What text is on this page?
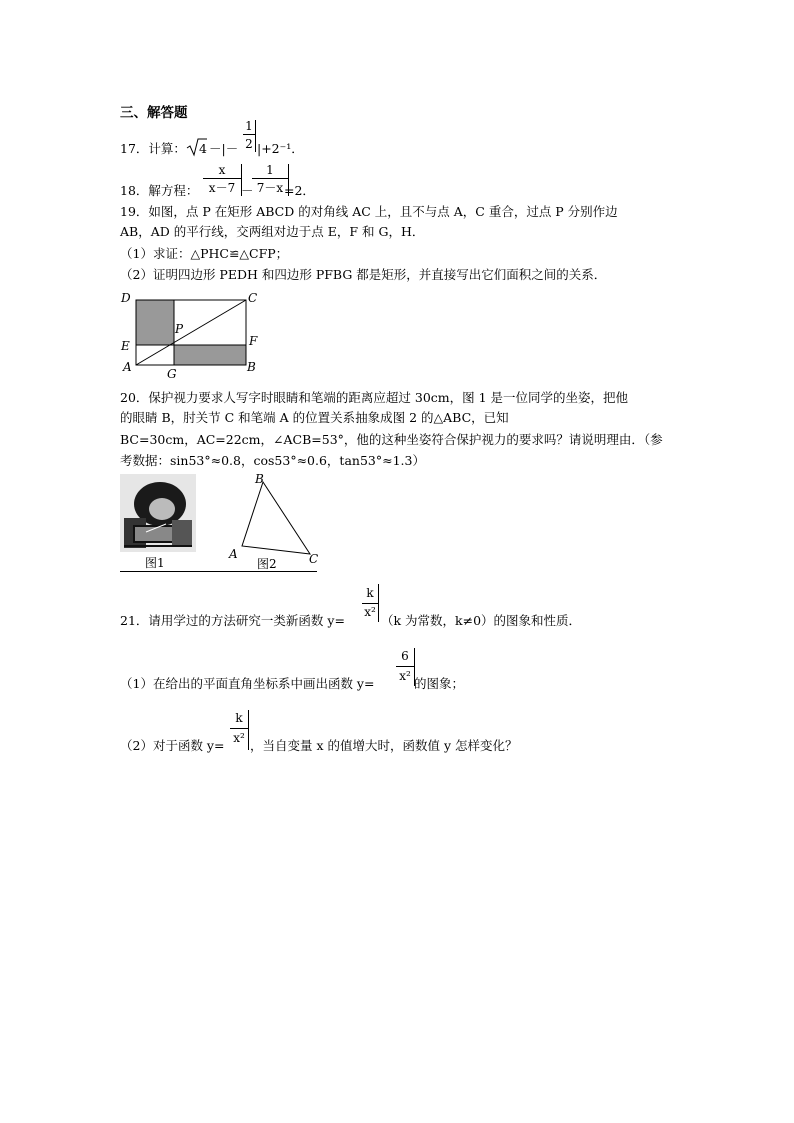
三、解答题
17．计算： 4 －|－
1
2 |+2⁻¹．
18．解方程：
x
x－7 －
1
7－x =2．
19．如图，点 P 在矩形 ABCD 的对角线 AC 上，且不与点 A，C 重合，过点 P 分别作边
AB，AD 的平行线，交两组对边于点 E，F 和 G，H．
（1）求证：△PHC≌△CFP；
（2）证明四边形 PEDH 和四边形 PFBG 都是矩形，并直接写出它们面积之间的关系．
D	C
P
E	F
A	G	B
20．保护视力要求人写字时眼睛和笔端的距离应超过 30cm，图 1 是一位同学的坐姿，把他
的眼睛 B，肘关节 C 和笔端 A 的位置关系抽象成图 2 的△ABC，已知
BC=30cm，AC=22cm，∠ACB=53°，他的这种坐姿符合保护视力的要求吗？请说明理由．（参
考数据：sin53°≈0.8，cos53°≈0.6，tan53°≈1.3）
图1	图2
B
A	C
21．请用学过的方法研究一类新函数 y=
k
x²
（k 为常数，k≠0）的图象和性质．
（1）在给出的平面直角坐标系中画出函数 y=
6
x² 的图象；
（2）对于函数 y=
k
x² ，当自变量 x 的值增大时，函数值 y 怎样变化？
